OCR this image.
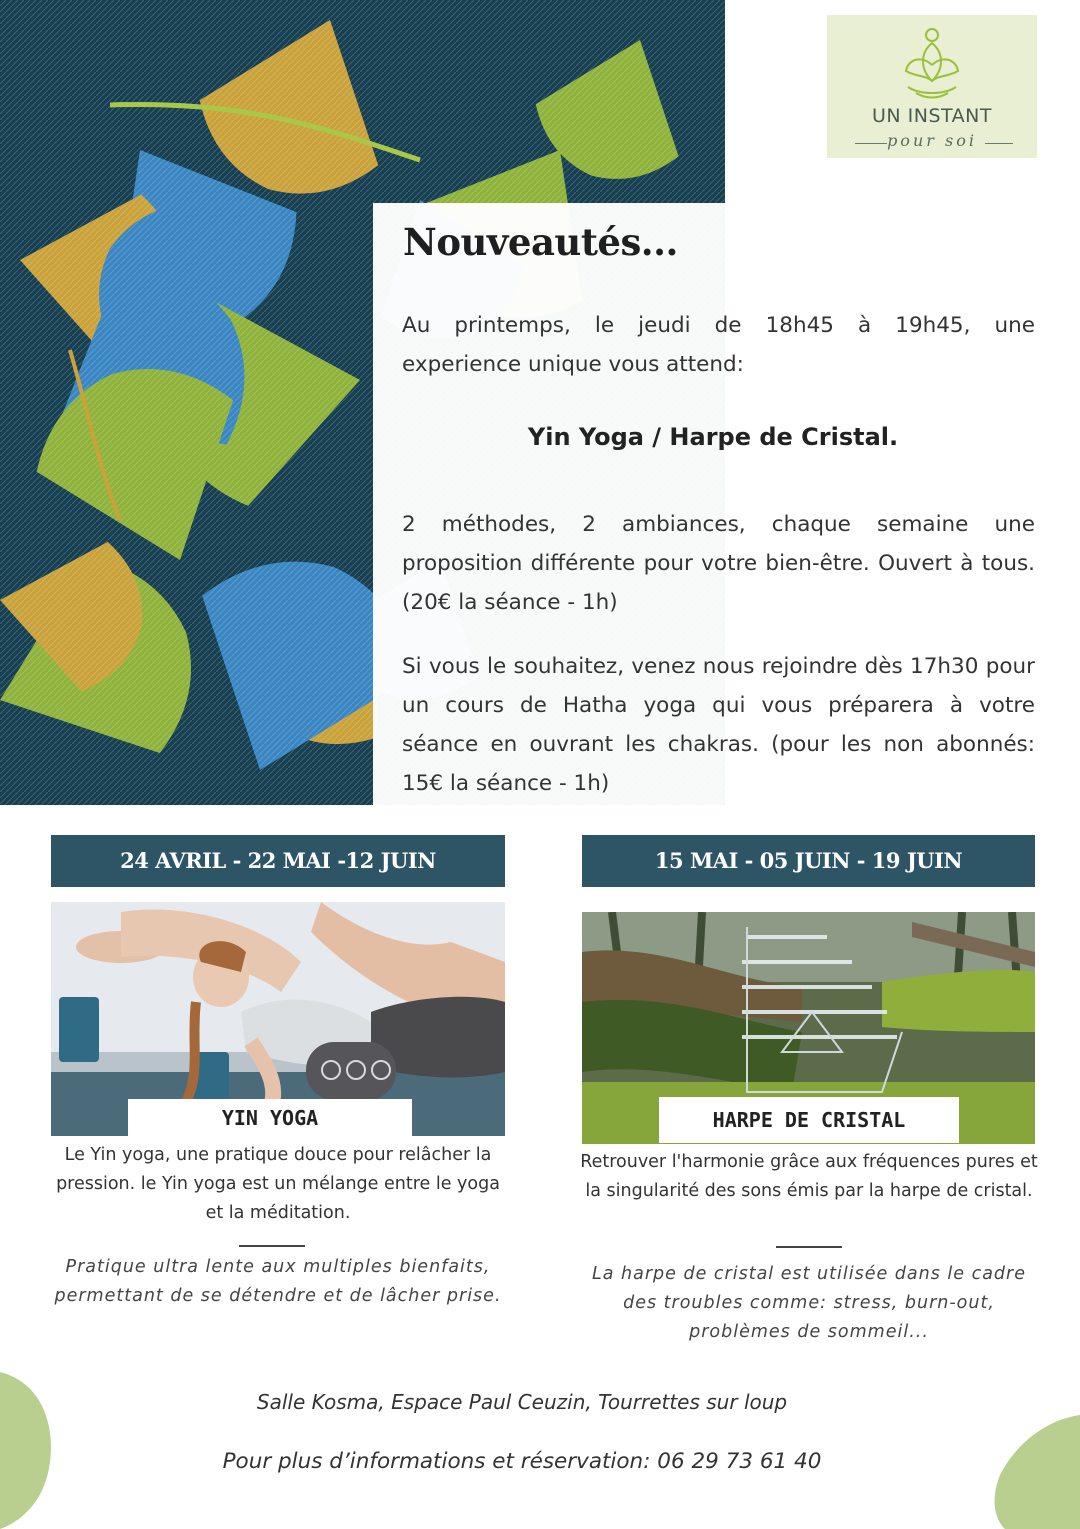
UN INSTANT
pour soi
Nouveautés...
Au printemps, le jeudi de 18h45 à 19h45, une
experience unique vous attend:
Yin Yoga / Harpe de Cristal.
2 méthodes, 2 ambiances, chaque semaine une proposition différente pour votre bien-être. Ouvert à tous. (20€ la séance - 1h)
Si vous le souhaitez, venez nous rejoindre dès 17h30 pour un cours de Hatha yoga qui vous préparera à votre séance en ouvrant les chakras. (pour les non abonnés: 15€ la séance - 1h)
24 AVRIL - 22 MAI -12 JUIN	15 MAI - 05 JUIN - 19 JUIN
YIN YOGA	HARPE DE CRISTAL
Le Yin yoga, une pratique douce pour relâcher la pression. le Yin yoga est un mélange entre le yoga et la méditation.
Pratique ultra lente aux multiples bienfaits, permettant de se détendre et de lâcher prise.
Retrouver l'harmonie grâce aux fréquences pures et la singularité des sons émis par la harpe de cristal.
La harpe de cristal est utilisée dans le cadre des troubles comme: stress, burn-out, problèmes de sommeil...
Salle Kosma, Espace Paul Ceuzin, Tourrettes sur loup
Pour plus d’informations et réservation: 06 29 73 61 40
